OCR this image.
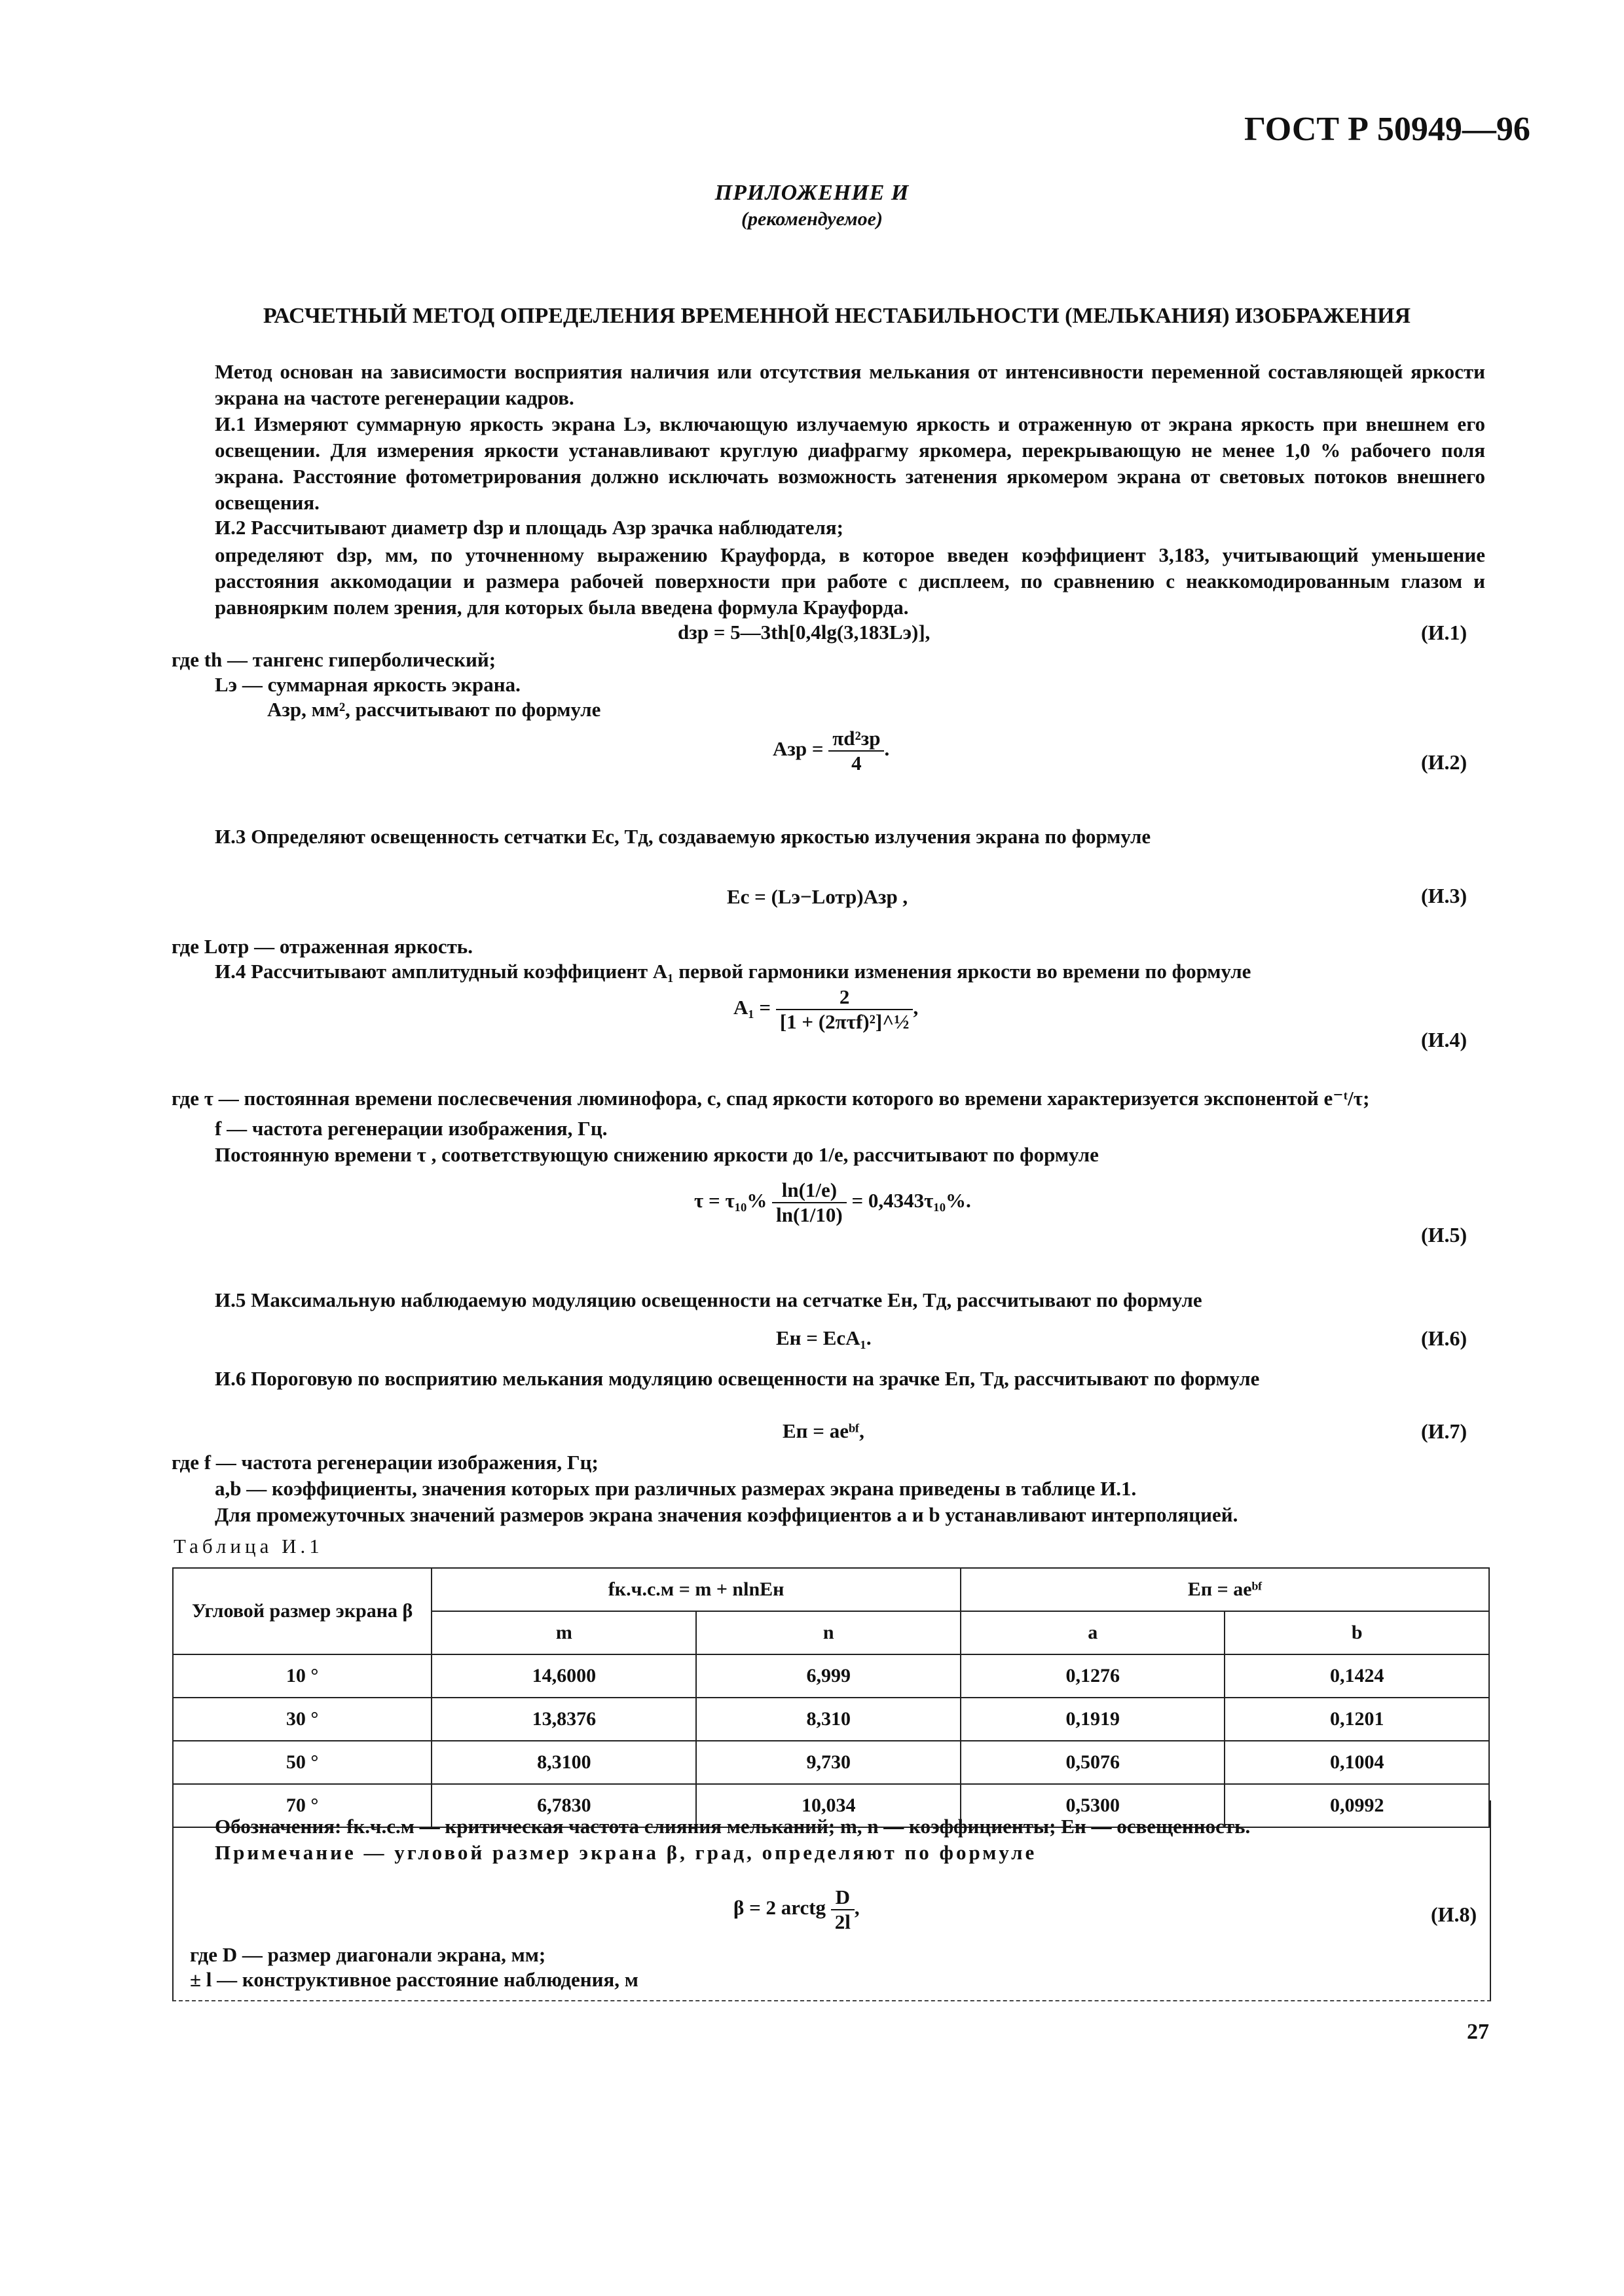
ГОСТ Р 50949—96
ПРИЛОЖЕНИЕ И
(рекомендуемое)
РАСЧЕТНЫЙ МЕТОД ОПРЕДЕЛЕНИЯ ВРЕМЕННОЙ НЕСТАБИЛЬНОСТИ (МЕЛЬКАНИЯ) ИЗОБРАЖЕНИЯ
Метод основан на зависимости восприятия наличия или отсутствия мелькания от интенсивности переменной составляющей яркости экрана на частоте регенерации кадров.
И.1 Измеряют суммарную яркость экрана Lэ, включающую излучаемую яркость и отраженную от экрана яркость при внешнем его освещении. Для измерения яркости устанавливают круглую диафрагму яркомера, перекрывающую не менее 1,0 % рабочего поля экрана. Расстояние фотометрирования должно исключать возможность затенения яркомером экрана от световых потоков внешнего освещения.
И.2 Рассчитывают диаметр dзр и площадь Aзр зрачка наблюдателя;
определяют dзр, мм, по уточненному выражению Крауфорда, в которое введен коэффициент 3,183, учитывающий уменьшение расстояния аккомодации и размера рабочей поверхности при работе с дисплеем, по сравнению с неаккомодированным глазом и равноярким полем зрения, для которых была введена формула Крауфорда.
dзр = 5—3th[0,4lg(3,183Lэ)],	(И.1)
где th — тангенс гиперболический;
Lэ — суммарная яркость экрана.
Aзр, мм², рассчитывают по формуле
Aзр = $\frac{\text{πd²зр}}{4}$ .
(И.2)
И.3 Определяют освещенность сетчатки Eс, Тд, создаваемую яркостью излучения экрана по формуле
Eс = (Lэ−Lотр)Aзр ,	(И.3)
где Lотр — отраженная яркость.
И.4 Рассчитывают амплитудный коэффициент A₁ первой гармоники изменения яркости во времени по формуле
$A_1 = \frac{2}{\text{[1 + (2πτf)²]\textasciicircum{}½}}$ ,
(И.4)
где τ — постоянная времени послесвечения люминофора, с, спад яркости которого во времени характеризуется экспонентой e⁻ᵗ/τ;
f — частота регенерации изображения, Гц.
Постоянную времени τ , соответствующую снижению яркости до 1/e, рассчитывают по формуле
$\tau = \tau_{10}\% \frac{\ln(1/e)}{\ln(1/10)} = 0,4343\tau_{10}\%$.
(И.5)
И.5 Максимальную наблюдаемую модуляцию освещенности на сетчатке Eн, Тд, рассчитывают по формуле
Eн = EсA₁.	(И.6)
И.6 Пороговую по восприятию мелькания модуляцию освещенности на зрачке Eп, Тд, рассчитывают по формуле
Eп = aeᵇᶠ,	(И.7)
где f — частота регенерации изображения, Гц;
a,b — коэффициенты, значения которых при различных размерах экрана приведены в таблице И.1.
Для промежуточных значений размеров экрана значения коэффициентов a и b устанавливают интерполяцией.
Таблица И.1
Угловой размер экрана β	fк.ч.с.м = m + nlnEн		Eп = aeᵇᶠ	
	m	n	a	b
10 °	14,6000	6,999	0,1276	0,1424
30 °	13,8376	8,310	0,1919	0,1201
50 °	8,3100	9,730	0,5076	0,1004
70 °	6,7830	10,034	0,5300	0,0992
Обозначения: fк.ч.с.м — критическая частота слияния мельканий; m, n — коэффициенты; Eн — освещенность.
Примечание — угловой размер экрана β, град, определяют по формуле
β = 2 arctg $\frac{D}{2l}$ ,	(И.8)
где D — размер диагонали экрана, мм;
± l — конструктивное расстояние наблюдения, м
27
